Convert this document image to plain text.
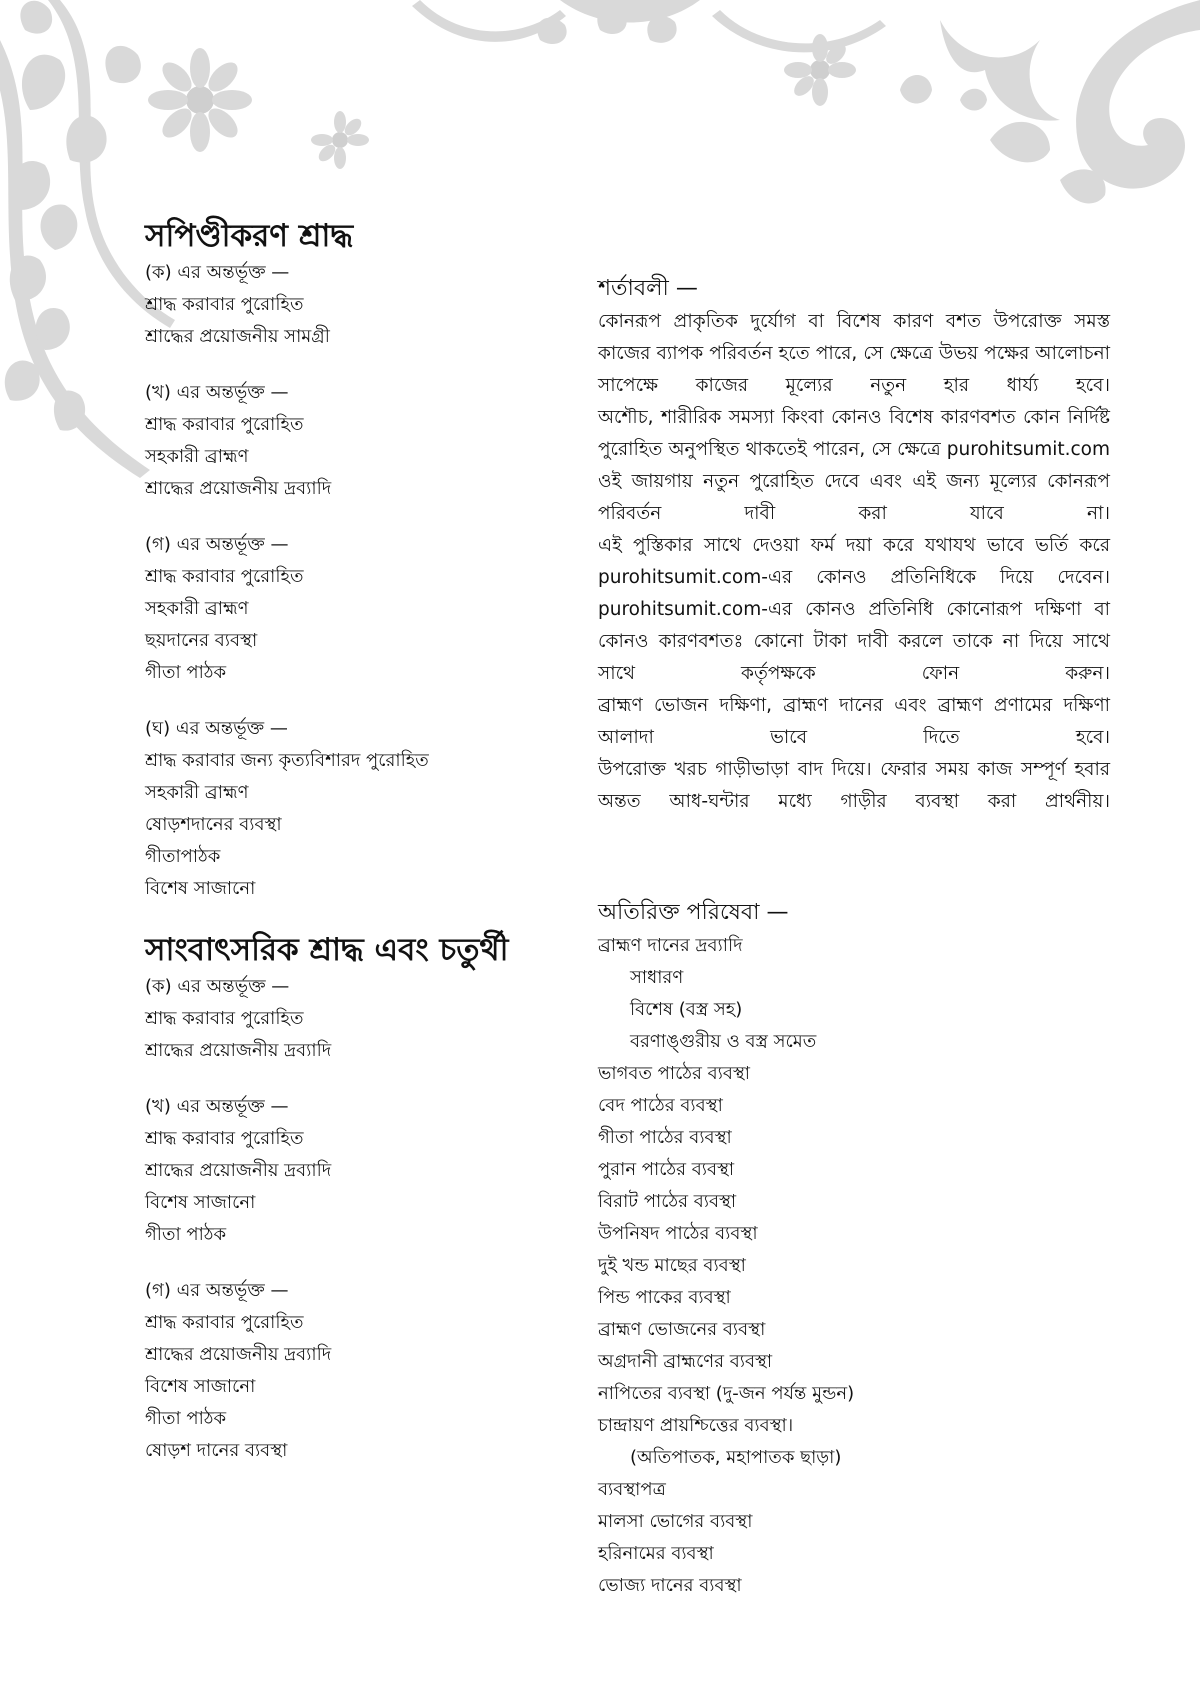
সপিণ্ডীকরণ শ্রাদ্ধ
(ক) এর অন্তর্ভূক্ত —
শ্রাদ্ধ করাবার পুরোহিত
শ্রাদ্ধের প্রয়োজনীয় সামগ্রী
(খ) এর অন্তর্ভূক্ত —
শ্রাদ্ধ করাবার পুরোহিত
সহকারী ব্রাহ্মণ
শ্রাদ্ধের প্রয়োজনীয় দ্রব্যাদি
(গ) এর অন্তর্ভূক্ত —
শ্রাদ্ধ করাবার পুরোহিত
সহকারী ব্রাহ্মণ
ছয়দানের ব্যবস্থা
গীতা পাঠক
(ঘ) এর অন্তর্ভূক্ত —
শ্রাদ্ধ করাবার জন্য কৃত্যবিশারদ পুরোহিত
সহকারী ব্রাহ্মণ
ষোড়শদানের ব্যবস্থা
গীতাপাঠক
বিশেষ সাজানো
সাংবাৎসরিক শ্রাদ্ধ এবং চতুর্থী
(ক) এর অন্তর্ভূক্ত —
শ্রাদ্ধ করাবার পুরোহিত
শ্রাদ্ধের প্রয়োজনীয় দ্রব্যাদি
(খ) এর অন্তর্ভূক্ত —
শ্রাদ্ধ করাবার পুরোহিত
শ্রাদ্ধের প্রয়োজনীয় দ্রব্যাদি
বিশেষ সাজানো
গীতা পাঠক
(গ) এর অন্তর্ভূক্ত —
শ্রাদ্ধ করাবার পুরোহিত
শ্রাদ্ধের প্রয়োজনীয় দ্রব্যাদি
বিশেষ সাজানো
গীতা পাঠক
ষোড়শ দানের ব্যবস্থা
শর্তাবলী —
কোনরূপ প্রাকৃতিক দুর্যোগ বা বিশেষ কারণ বশত উপরোক্ত সমস্ত কাজের ব্যাপক পরিবর্তন হতে পারে, সে ক্ষেত্রে উভয় পক্ষের আলোচনা সাপেক্ষে কাজের মূল্যের নতুন হার ধার্য্য হবে।
অশৌচ, শারীরিক সমস্যা কিংবা কোনও বিশেষ কারণবশত কোন নির্দিষ্ট পুরোহিত অনুপস্থিত থাকতেই পারেন, সে ক্ষেত্রে purohitsumit.com ওই জায়গায় নতুন পুরোহিত দেবে এবং এই জন্য মূল্যের কোনরূপ পরিবর্তন দাবী করা যাবে না।
এই পুস্তিকার সাথে দেওয়া ফর্ম দয়া করে যথাযথ ভাবে ভর্তি করে purohitsumit.com-এর কোনও প্রতিনিধিকে দিয়ে দেবেন।
purohitsumit.com-এর কোনও প্রতিনিধি কোনোরূপ দক্ষিণা বা কোনও কারণবশতঃ কোনো টাকা দাবী করলে তাকে না দিয়ে সাথে সাথে কর্তৃপক্ষকে ফোন করুন।
ব্রাহ্মণ ভোজন দক্ষিণা, ব্রাহ্মণ দানের এবং ব্রাহ্মণ প্রণামের দক্ষিণা আলাদা ভাবে দিতে হবে।
উপরোক্ত খরচ গাড়ীভাড়া বাদ দিয়ে। ফেরার সময় কাজ সম্পূর্ণ হবার অন্তত আধ-ঘন্টার মধ্যে গাড়ীর ব্যবস্থা করা প্রার্থনীয়।
অতিরিক্ত পরিষেবা —
ব্রাহ্মণ দানের দ্রব্যাদি
সাধারণ
বিশেষ (বস্ত্র সহ)
বরণাঙ্গুরীয় ও বস্ত্র সমেত
ভাগবত পাঠের ব্যবস্থা
বেদ পাঠের ব্যবস্থা
গীতা পাঠের ব্যবস্থা
পুরান পাঠের ব্যবস্থা
বিরাট পাঠের ব্যবস্থা
উপনিষদ পাঠের ব্যবস্থা
দুই খন্ড মাছের ব্যবস্থা
পিন্ড পাকের ব্যবস্থা
ব্রাহ্মণ ভোজনের ব্যবস্থা
অগ্রদানী ব্রাহ্মণের ব্যবস্থা
নাপিতের ব্যবস্থা (দু-জন পর্যন্ত মুন্ডন)
চান্দ্রায়ণ প্রায়শ্চিত্তের ব্যবস্থা।
(অতিপাতক, মহাপাতক ছাড়া)
ব্যবস্থাপত্র
মালসা ভোগের ব্যবস্থা
হরিনামের ব্যবস্থা
ভোজ্য দানের ব্যবস্থা
